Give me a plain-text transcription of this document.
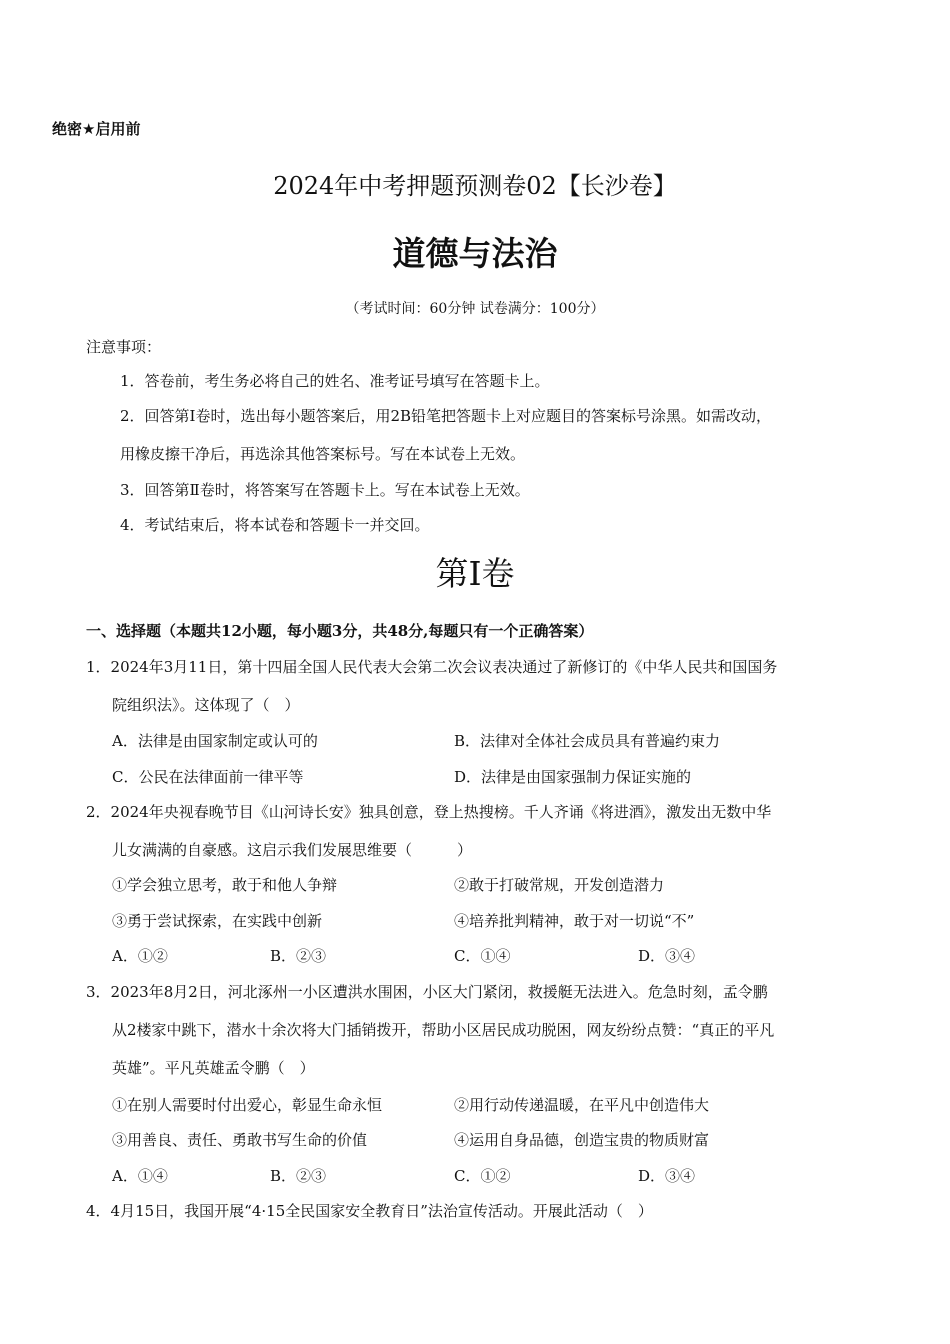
绝密★启用前
2024年中考押题预测卷02【长沙卷】
道德与法治
（考试时间：60分钟 试卷满分：100分）
注意事项：
1．答卷前，考生务必将自己的姓名、准考证号填写在答题卡上。
2．回答第Ⅰ卷时，选出每小题答案后，用2B铅笔把答题卡上对应题目的答案标号涂黑。如需改动，
用橡皮擦干净后，再选涂其他答案标号。写在本试卷上无效。
3．回答第Ⅱ卷时，将答案写在答题卡上。写在本试卷上无效。
4．考试结束后，将本试卷和答题卡一并交回。
第Ⅰ卷
一、选择题（本题共12小题，每小题3分，共48分,每题只有一个正确答案）
1．2024年3月11日，第十四届全国人民代表大会第二次会议表决通过了新修订的《中华人民共和国国务
院组织法》。这体现了（　）
A．法律是由国家制定或认可的	B．法律对全体社会成员具有普遍约束力
C．公民在法律面前一律平等	D．法律是由国家强制力保证实施的
2．2024年央视春晚节目《山河诗长安》独具创意，登上热搜榜。千人齐诵《将进酒》，激发出无数中华
儿女满满的自豪感。这启示我们发展思维要（　　　）
①学会独立思考，敢于和他人争辩	②敢于打破常规，开发创造潜力
③勇于尝试探索，在实践中创新	④培养批判精神，敢于对一切说“不”
A．①②	B．②③	C．①④	D．③④
3．2023年8月2日，河北涿州一小区遭洪水围困，小区大门紧闭，救援艇无法进入。危急时刻，孟令鹏
从2楼家中跳下，潜水十余次将大门插销拨开，帮助小区居民成功脱困，网友纷纷点赞：“真正的平凡
英雄”。平凡英雄孟令鹏（　）
①在别人需要时付出爱心，彰显生命永恒	②用行动传递温暖，在平凡中创造伟大
③用善良、责任、勇敢书写生命的价值	④运用自身品德，创造宝贵的物质财富
A．①④	B．②③	C．①②	D．③④
4．4月15日，我国开展“4·15全民国家安全教育日”法治宣传活动。开展此活动（　）
